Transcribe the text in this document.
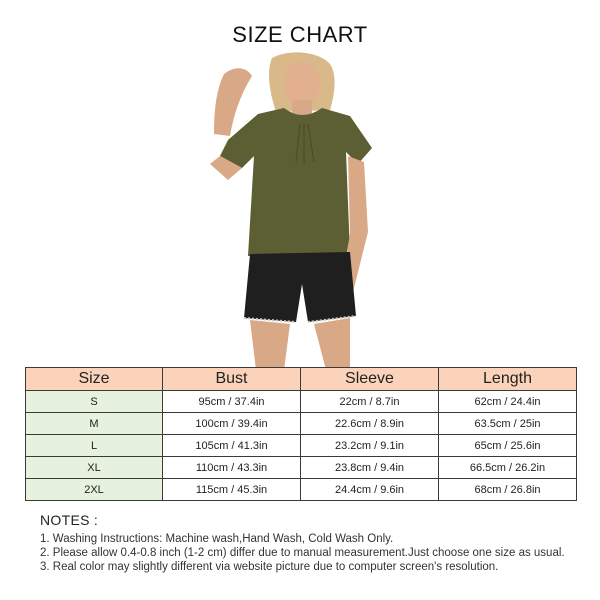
SIZE CHART
Size	Bust	Sleeve	Length
S	95cm / 37.4in	22cm / 8.7in	62cm / 24.4in
M	100cm / 39.4in	22.6cm / 8.9in	63.5cm / 25in
L	105cm / 41.3in	23.2cm / 9.1in	65cm / 25.6in
XL	110cm / 43.3in	23.8cm / 9.4in	66.5cm / 26.2in
2XL	115cm / 45.3in	24.4cm / 9.6in	68cm / 26.8in
NOTES :
1. Washing Instructions: Machine wash,Hand Wash, Cold Wash Only.
2. Please allow 0.4-0.8 inch (1-2 cm) differ due to manual measurement.Just choose one size as usual.
3. Real color may slightly different via website picture due to computer screen's resolution.
